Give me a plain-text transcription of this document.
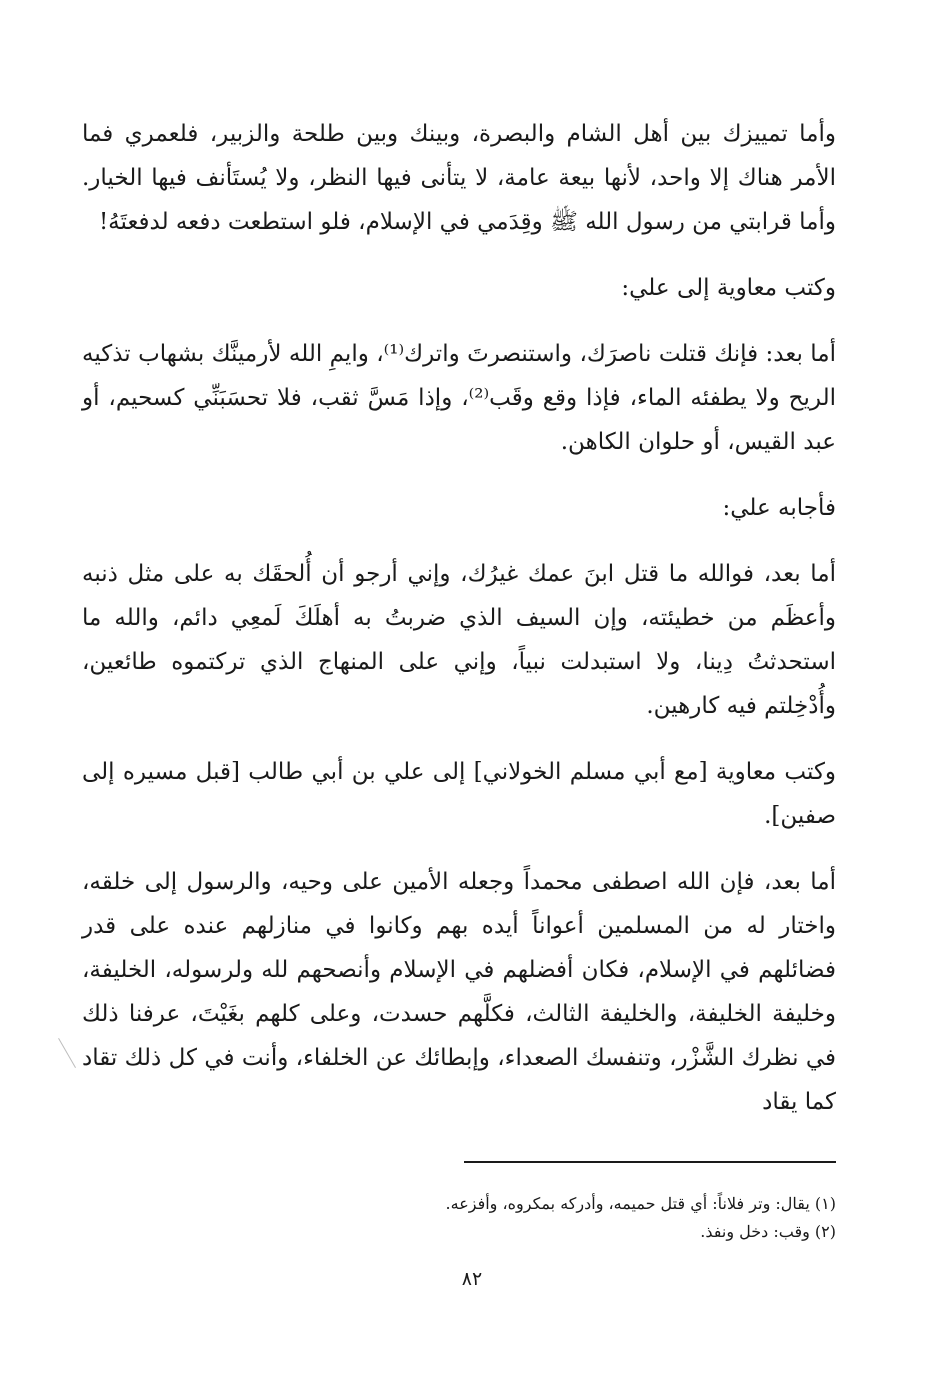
وأما تمييزك بين أهل الشام والبصرة، وبينك وبين طلحة والزبير، فلعمري فما الأمر هناك إلا واحد، لأنها بيعة عامة، لا يتأنى فيها النظر، ولا يُستَأنف فيها الخيار. وأما قرابتي من رسول الله ﷺ وقِدَمي في الإسلام، فلو استطعت دفعه لدفعتَهُ!

وكتب معاوية إلى علي:

أما بعد: فإنك قتلت ناصرَك، واستنصرتَ واترك⁽¹⁾، وايمِ الله لأرمينَّك بشهاب تذكيه الريح ولا يطفئه الماء، فإذا وقع وقَب⁽²⁾، وإذا مَسَّ ثقب، فلا تحسَبَنِّي كسحيم، أو عبد القيس، أو حلوان الكاهن.

فأجابه علي:

أما بعد، فوالله ما قتل ابنَ عمك غيرُك، وإني أرجو أن أُلحقَك به على مثل ذنبه وأعظَم من خطيئته، وإن السيف الذي ضربتُ به أهلَكَ لَمعِي دائم، والله ما استحدثتُ دِينا، ولا استبدلت نبياً، وإني على المنهاج الذي تركتموه طائعين، وأُدْخِلتم فيه كارهين.

وكتب معاوية [مع أبي مسلم الخولاني] إلى علي بن أبي طالب [قبل مسيره إلى صفين].

أما بعد، فإن الله اصطفى محمداً وجعله الأمين على وحيه، والرسول إلى خلقه، واختار له من المسلمين أعواناً أيده بهم وكانوا في منازلهم عنده على قدر فضائلهم في الإسلام، فكان أفضلهم في الإسلام وأنصحهم لله ولرسوله، الخليفة، وخليفة الخليفة، والخليفة الثالث، فكلَّهم حسدت، وعلى كلهم بغَيْتَ، عرفنا ذلك في نظرك الشَّزْر، وتنفسك الصعداء، وإبطائك عن الخلفاء، وأنت في كل ذلك تقاد كما يقاد

(١) يقال: وتر فلاناً: أي قتل حميمه، وأدركه بمكروه، وأفزعه.
(٢) وقب: دخل ونفذ.
٨٢
